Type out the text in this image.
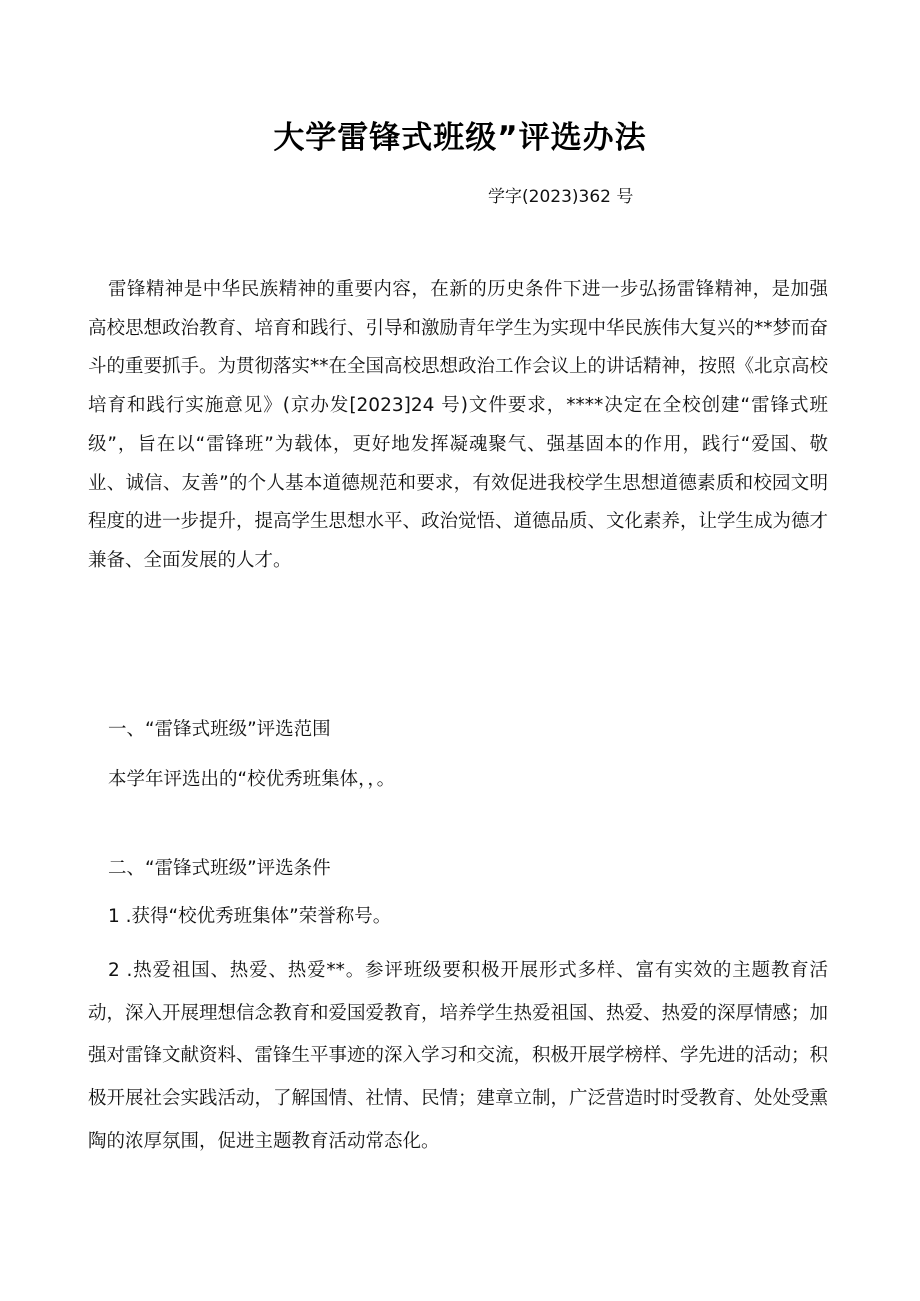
大学雷锋式班级”评选办法
学字(2023)362 号
雷锋精神是中华民族精神的重要内容，在新的历史条件下进一步弘扬雷锋精神，是加强高校思想政治教育、培育和践行、引导和激励青年学生为实现中华民族伟大复兴的**梦而奋斗的重要抓手。为贯彻落实**在全国高校思想政治工作会议上的讲话精神，按照《北京高校培育和践行实施意见》(京办发[2023]24 号)文件要求，****决定在全校创建“雷锋式班级”，旨在以“雷锋班”为载体，更好地发挥凝魂聚气、强基固本的作用，践行“爱国、敬业、诚信、友善”的个人基本道德规范和要求，有效促进我校学生思想道德素质和校园文明程度的进一步提升，提高学生思想水平、政治觉悟、道德品质、文化素养，让学生成为德才兼备、全面发展的人才。
一、“雷锋式班级”评选范围
本学年评选出的“校优秀班集体，，。
二、“雷锋式班级”评选条件
1 .获得“校优秀班集体”荣誉称号。
2 .热爱祖国、热爱、热爱**。参评班级要积极开展形式多样、富有实效的主题教育活动，深入开展理想信念教育和爱国爱教育，培养学生热爱祖国、热爱、热爱的深厚情感；加强对雷锋文献资料、雷锋生平事迹的深入学习和交流，积极开展学榜样、学先进的活动；积极开展社会实践活动，了解国情、社情、民情；建章立制，广泛营造时时受教育、处处受熏陶的浓厚氛围，促进主题教育活动常态化。
